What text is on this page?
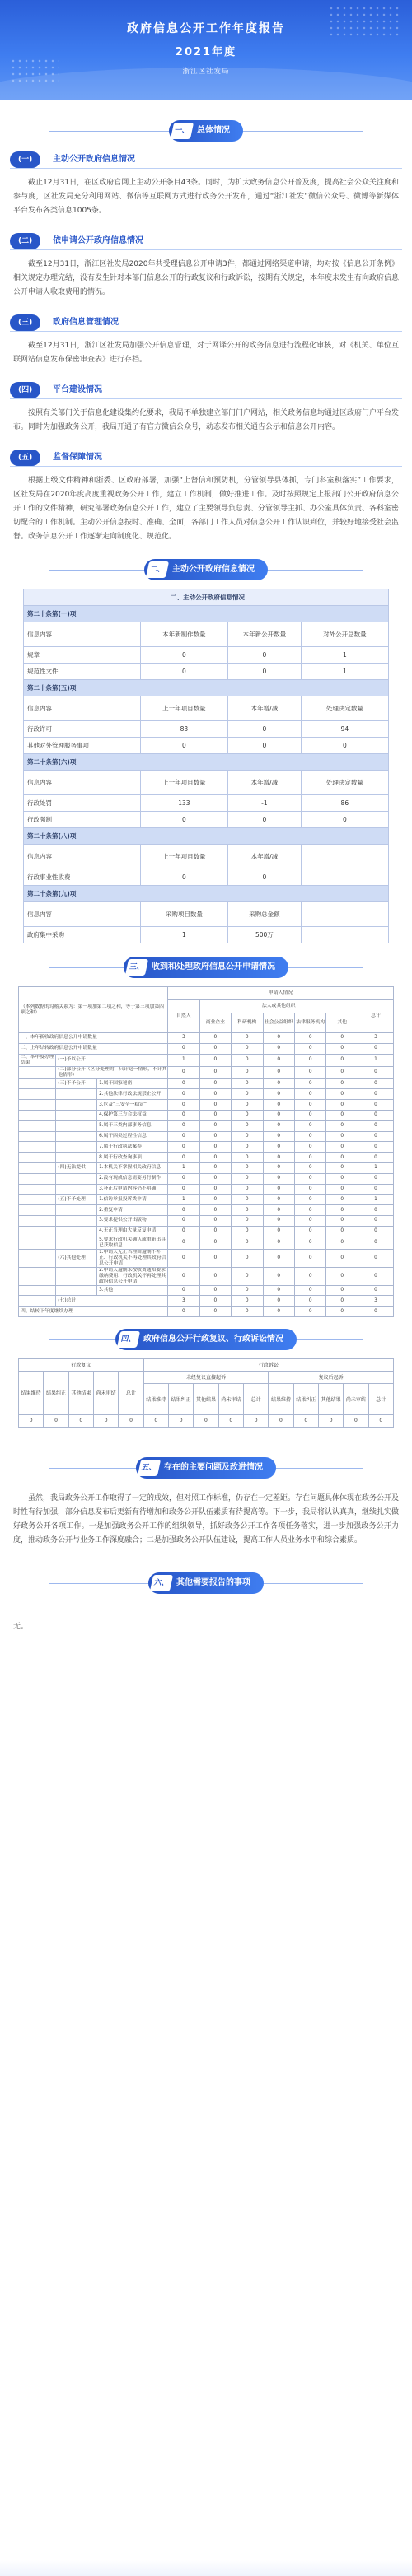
政府信息公开工作年度报告
2021年度
浙江区社发局
一、 总体情况
(一)	主动公开政府信息情况

截止12月31日，在区政府官网上主动公开条目43条。同时，为扩大政务信息公开普及度，提高社会公众关注度和参与度，区社发局充分利用网站、微信等互联网方式进行政务公开发布，通过“浙江社发”微信公众号、微博等新媒体平台发布各类信息1005条。

(二)	依申请公开政府信息情况

截至12月31日，浙江区社发局2020年共受理信息公开申请3件，都通过网络渠道申请，均对按《信息公开条例》相关规定办理完结，没有发生针对本部门信息公开的行政复议和行政诉讼，按期有关规定，本年度未发生有向政府信息公开申请人收取费用的情况。

(三)	政府信息管理情况

截至12月31日，浙江区社发局加强公开信息管理，对于网译公开的政务信息进行流程化审核，对《机关、单位互联网站信息发布保密审查表》进行存档。

(四)	平台建设情况

按照有关部门关于信息化建设集约化要求，我局不单独建立部门门户网站，相关政务信息均通过区政府门户平台发布。同时为加强政务公开，我局开通了有官方微信公众号，动态发布相关通告公示和信息公开内容。

(五)	监督保障情况

根据上级文件精神和浙委、区政府部署，加强“上督信和预防机，分管领导县体抓，专门科室积落实”工作要求，区社发局在2020年度高度重视政务公开工作，建立工作机制，做好推进工作。及时按照规定上报部门公开政府信息公开工作的文件精神，研究部署政务信息公开工作，建立了主要领导负总责、分管领导主抓、办公室具体负责、各科室密切配合的工作机制。主动公开信息按时、准确、全面，各部门工作人员对信息公开工作认识到位，并较好地接受社会监督。政务信息公开工作逐渐走向制度化、规范化。

二、 主动公开政府信息情况
二、主动公开政府信息情况			
第二十条第(一)项			
信息内容	本年新制作数量	本年新公开数量	对外公开总数量
规章	0	0	1
规范性文件	0	0	1
第二十条第(五)项			
信息内容	上一年项目数量	本年增/减	处理决定数量
行政许可	83	0	94
其他对外管理服务事项	0	0	0
第二十条第(六)项			
信息内容	上一年项目数量	本年增/减	处理决定数量
行政处罚	133	-1	86
行政强制	0	0	0
第二十条第(八)项			
信息内容	上一年项目数量	本年增/减	
行政事业性收费	0	0	
第二十条第(九)项			
信息内容	采购项目数量	采购总金额	
政府集中采购	1	500万	
三、 收到和处理政府信息公开申请情况
（本列数据的勾稽关系为：第一项加第二项之和，等于第三项加第四项之和）			申请人情况						
			自然人	法人或其他组织					总计
				商业企业	科研机构	社会公益组织	法律服务机构	其他	
一、本年新收政府信息公开申请数量			3	0	0	0	0	0	3
二、上年结转政府信息公开申请数量			0	0	0	0	0	0	0
三、本年度办理结果	(一)予以公开		1	0	0	0	0	0	1
	(二)部分公开（区分处理的，只计这一情形，不计其他情形）		0	0	0	0	0	0	0
	(三)不予公开	1.属于国家秘密	0	0	0	0	0	0	0
		2.其他法律行政法规禁止公开	0	0	0	0	0	0	0
		3.危及“三安全一稳定”	0	0	0	0	0	0	0
		4.保护第三方合法权益	0	0	0	0	0	0	0
		5.属于三类内部事务信息	0	0	0	0	0	0	0
		6.属于四类过程性信息	0	0	0	0	0	0	0
		7.属于行政执法案卷	0	0	0	0	0	0	0
		8.属于行政查询事项	0	0	0	0	0	0	0
	(四)无法提供	1.本机关不掌握相关政府信息	1	0	0	0	0	0	1
		2.没有现成信息需要另行制作	0	0	0	0	0	0	0
		3.补正后申请内容仍不明确	0	0	0	0	0	0	0
	(五)不予处理	1.信访举报投诉类申请	1	0	0	0	0	0	1
		2.重复申请	0	0	0	0	0	0	0
		3.要求提供公开出版物	0	0	0	0	0	0	0
		4.无正当理由大量反复申请	0	0	0	0	0	0	0
		5.要求行政机关确认或重新出具已获取信息	0	0	0	0	0	0	0
	(六)其他处理	1.申请人无正当理由逾期不补正、行政机关不再处理其政府信息公开申请	0	0	0	0	0	0	0
		2.申请人逾期未按收费通知要求缴纳费用、行政机关不再处理其政府信息公开申请	0	0	0	0	0	0	0
		3.其他	0	0	0	0	0	0	0
	(七)总计		3	0	0	0	0	0	3
四、结转下年度继续办理			0	0	0	0	0	0	0
四、 政府信息公开行政复议、行政诉讼情况
行政复议					行政诉讼									
结果维持	结果纠正	其他结果	尚未审结	总计	未经复议直接起诉					复议后起诉				
					结果维持	结果纠正	其他结果	尚未审结	总计	结果维持	结果纠正	其他结果	尚未审结	总计
0	0	0	0	0	0	0	0	0	0	0	0	0	0	0
五、 存在的主要问题及改进情况

虽然，我局政务公开工作取得了一定的成效，但对照工作标准，仍存在一定差距。存在问题具体体现在政务公开及时性有待加强，部分信息发布后更新有待增加和政务公开队伍素质有待提高等。下一步，我局将认认真真，继续扎实做好政务公开各项工作。一是加强政务公开工作的组织领导，抓好政务公开工作各项任务落实，进一步加强政务公开力度，推动政务公开与业务工作深度融合；二是加强政务公开队伍建设，提高工作人员业务水平和综合素质。

六、 其他需要报告的事项

无。
